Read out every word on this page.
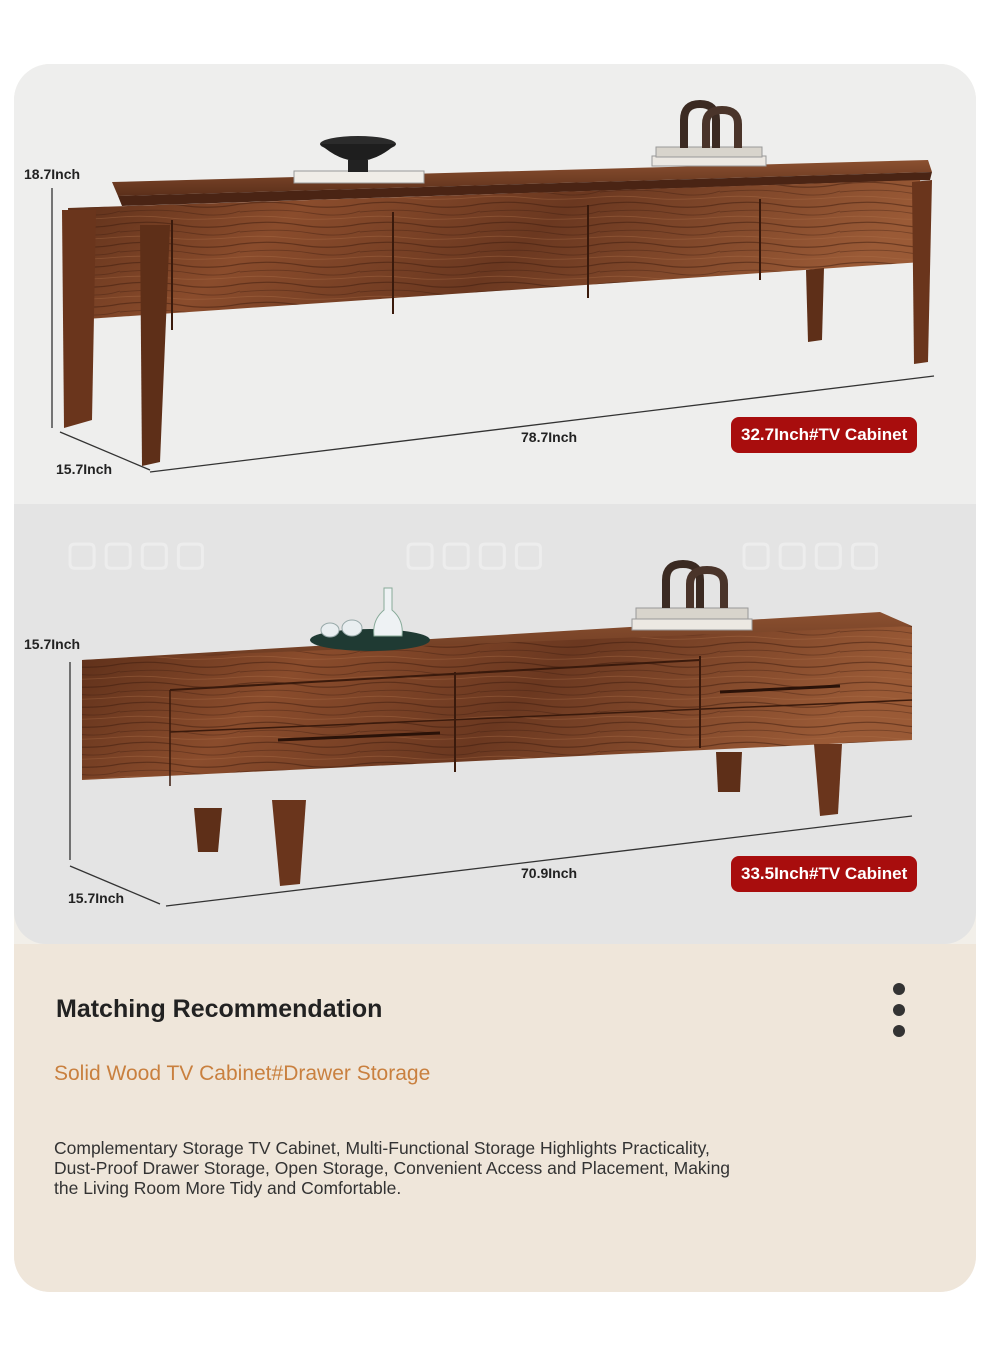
▢▢▢▢	▢▢▢▢	▢▢▢▢
18.7Inch
15.7Inch
78.7Inch	32.7Inch#TV Cabinet
15.7Inch
15.7Inch
70.9Inch	33.5Inch#TV Cabinet
Matching Recommendation
Solid Wood TV Cabinet#Drawer Storage
Complementary Storage TV Cabinet, Multi-Functional Storage Highlights Practicality, Dust-Proof Drawer Storage, Open Storage, Convenient Access and Placement, Making the Living Room More Tidy and Comfortable.
